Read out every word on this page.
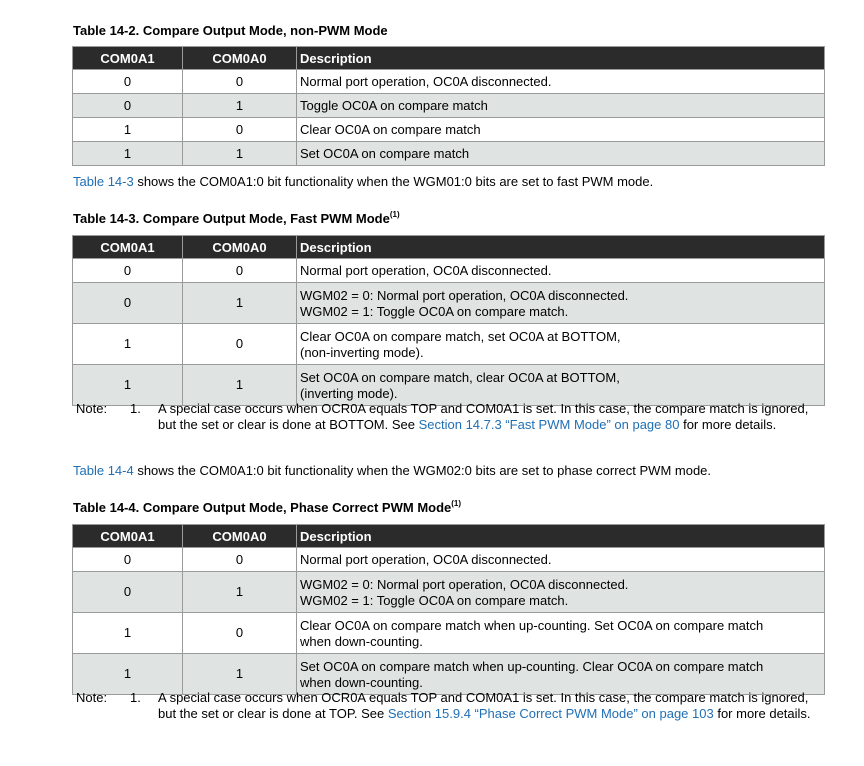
Table 14-2. Compare Output Mode, non-PWM Mode
COM0A1	COM0A0	Description
0	0	Normal port operation, OC0A disconnected.
0	1	Toggle OC0A on compare match
1	0	Clear OC0A on compare match
1	1	Set OC0A on compare match
Table 14-3 shows the COM0A1:0 bit functionality when the WGM01:0 bits are set to fast PWM mode.
Table 14-3. Compare Output Mode, Fast PWM Mode$^{(1)}$
COM0A1	COM0A0	Description
0	0	Normal port operation, OC0A disconnected.
0	1	WGM02 = 0: Normal port operation, OC0A disconnected.
WGM02 = 1: Toggle OC0A on compare match.
1	0	Clear OC0A on compare match, set OC0A at BOTTOM,
(non-inverting mode).
1	1	Set OC0A on compare match, clear OC0A at BOTTOM,
(inverting mode).
Note: 1. A special case occurs when OCR0A equals TOP and COM0A1 is set. In this case, the compare match is ignored, but the set or clear is done at BOTTOM. See Section 14.7.3 “Fast PWM Mode” on page 80 for more details.
Table 14-4 shows the COM0A1:0 bit functionality when the WGM02:0 bits are set to phase correct PWM mode.
Table 14-4. Compare Output Mode, Phase Correct PWM Mode$^{(1)}$
COM0A1	COM0A0	Description
0	0	Normal port operation, OC0A disconnected.
0	1	WGM02 = 0: Normal port operation, OC0A disconnected.
WGM02 = 1: Toggle OC0A on compare match.
1	0	Clear OC0A on compare match when up-counting. Set OC0A on compare match
when down-counting.
1	1	Set OC0A on compare match when up-counting. Clear OC0A on compare match
when down-counting.
Note: 1. A special case occurs when OCR0A equals TOP and COM0A1 is set. In this case, the compare match is ignored, but the set or clear is done at TOP. See Section 15.9.4 “Phase Correct PWM Mode” on page 103 for more details.
